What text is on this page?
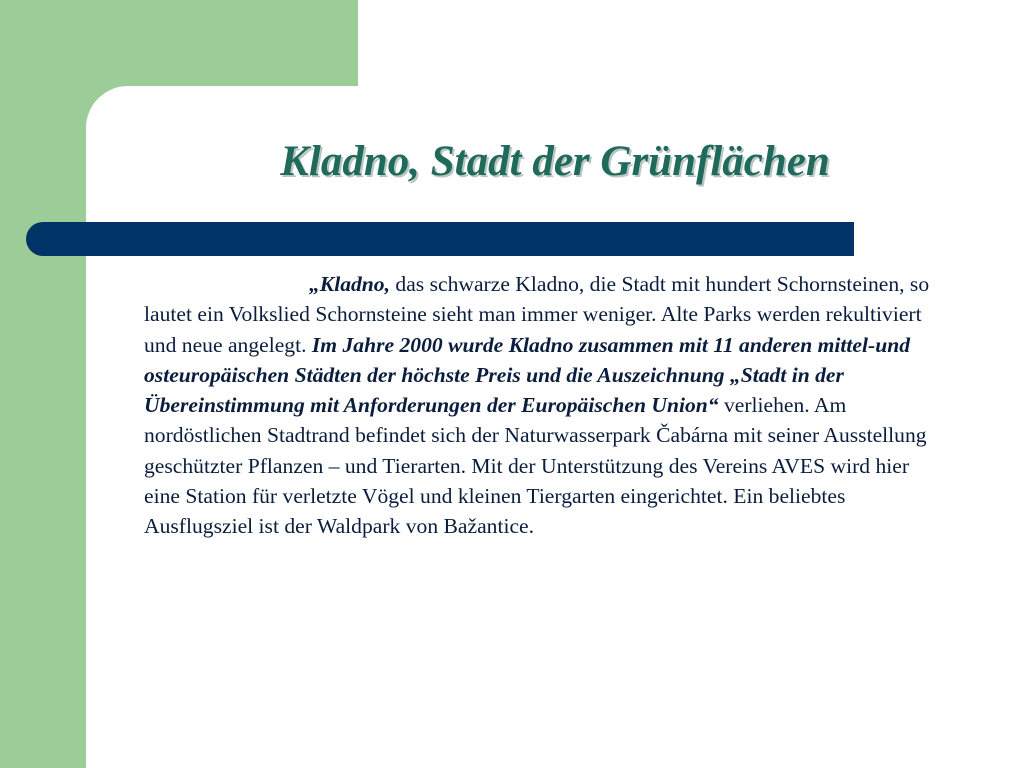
Kladno, Stadt der Grünflächen

„Kladno, das schwarze Kladno, die Stadt mit hundert Schornsteinen, so lautet ein Volkslied Schornsteine sieht man immer weniger. Alte Parks werden rekultiviert und neue angelegt. Im Jahre 2000 wurde Kladno zusammen mit 11 anderen mittel-und osteuropäischen Städten der höchste Preis und die Auszeichnung „Stadt in der Übereinstimmung mit Anforderungen der Europäischen Union“ verliehen. Am nordöstlichen Stadtrand befindet sich der Naturwasserpark Čabárna mit seiner Ausstellung geschützter Pflanzen – und Tierarten. Mit der Unterstützung des Vereins AVES wird hier eine Station für verletzte Vögel und kleinen Tiergarten eingerichtet. Ein beliebtes Ausflugsziel ist der Waldpark von Bažantice.
